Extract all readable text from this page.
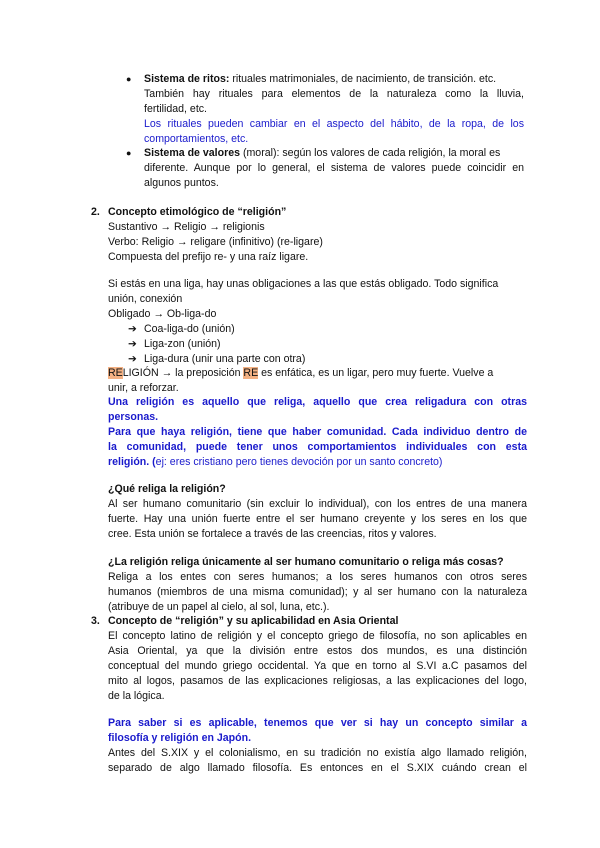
● Sistema de ritos: rituales matrimoniales, de nacimiento, de transición. etc.
También hay rituales para elementos de la naturaleza como la lluvia,
fertilidad, etc.
Los rituales pueden cambiar en el aspecto del hábito, de la ropa, de los
comportamientos, etc.
● Sistema de valores (moral): según los valores de cada religión, la moral es
diferente. Aunque por lo general, el sistema de valores puede coincidir en
algunos puntos.
2. Concepto etimológico de “religión”
Sustantivo → Religio → religionis
Verbo: Religio → religare (infinitivo) (re-ligare)
Compuesta del prefijo re- y una raíz ligare.
Si estás en una liga, hay unas obligaciones a las que estás obligado. Todo significa
unión, conexión
Obligado → Ob-liga-do
➔ Coa-liga-do (unión)
➔ Liga-zon (unión)
➔ Liga-dura (unir una parte con otra)
RELIGIÓN → la preposición RE es enfática, es un ligar, pero muy fuerte. Vuelve a
unir, a reforzar.
Una religión es aquello que religa, aquello que crea religadura con otras
personas.
Para que haya religión, tiene que haber comunidad. Cada individuo dentro de
la comunidad, puede tener unos comportamientos individuales con esta
religión. (ej: eres cristiano pero tienes devoción por un santo concreto)
¿Qué religa la religión?
Al ser humano comunitario (sin excluir lo individual), con los entres de una manera
fuerte. Hay una unión fuerte entre el ser humano creyente y los seres en los que
cree. Esta unión se fortalece a través de las creencias, ritos y valores.
¿La religión religa únicamente al ser humano comunitario o religa más cosas?
Religa a los entes con seres humanos; a los seres humanos con otros seres
humanos (miembros de una misma comunidad); y al ser humano con la naturaleza
(atribuye de un papel al cielo, al sol, luna, etc.).
3. Concepto de “religión” y su aplicabilidad en Asia Oriental
El concepto latino de religión y el concepto griego de filosofía, no son aplicables en
Asia Oriental, ya que la división entre estos dos mundos, es una distinción
conceptual del mundo griego occidental. Ya que en torno al S.VI a.C pasamos del
mito al logos, pasamos de las explicaciones religiosas, a las explicaciones del logo,
de la lógica.
Para saber si es aplicable, tenemos que ver si hay un concepto similar a
filosofía y religión en Japón.
Antes del S.XIX y el colonialismo, en su tradición no existía algo llamado religión,
separado de algo llamado filosofía. Es entonces en el S.XIX cuándo crean el
